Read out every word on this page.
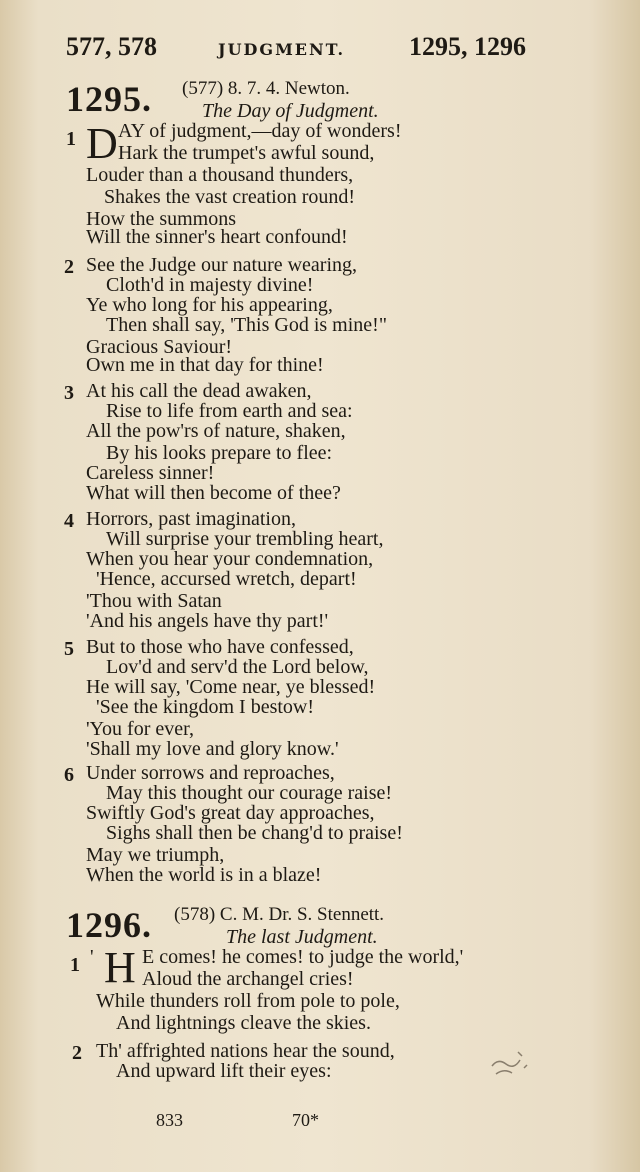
577, 578	JUDGMENT. 1295, 1296
1295. (577) 8. 7. 4. Newton.
The Day of Judgment.
1 D AY of judgment,—day of wonders!
Hark the trumpet's awful sound,
Louder than a thousand thunders,
Shakes the vast creation round!
How the summons
Will the sinner's heart confound!
2 See the Judge our nature wearing,
Cloth'd in majesty divine!
Ye who long for his appearing,
Then shall say, 'This God is mine!"
Gracious Saviour!
Own me in that day for thine!
3 At his call the dead awaken,
Rise to life from earth and sea:
All the pow'rs of nature, shaken,
By his looks prepare to flee:
Careless sinner!
What will then become of thee?
4 Horrors, past imagination,
Will surprise your trembling heart,
When you hear your condemnation,
'Hence, accursed wretch, depart!
'Thou with Satan
'And his angels have thy part!'
5 But to those who have confessed,
Lov'd and serv'd the Lord below,
He will say, 'Come near, ye blessed!
'See the kingdom I bestow!
'You for ever,
'Shall my love and glory know.'
6 Under sorrows and reproaches,
May this thought our courage raise!
Swiftly God's great day approaches,
Sighs shall then be chang'd to praise!
May we triumph,
When the world is in a blaze!
1296. (578) C. M. Dr. S. Stennett.
The last Judgment.
1 ' H E comes! he comes! to judge the world,'
Aloud the archangel cries!
While thunders roll from pole to pole,
And lightnings cleave the skies.
2 Th' affrighted nations hear the sound,
And upward lift their eyes:
833	70*
